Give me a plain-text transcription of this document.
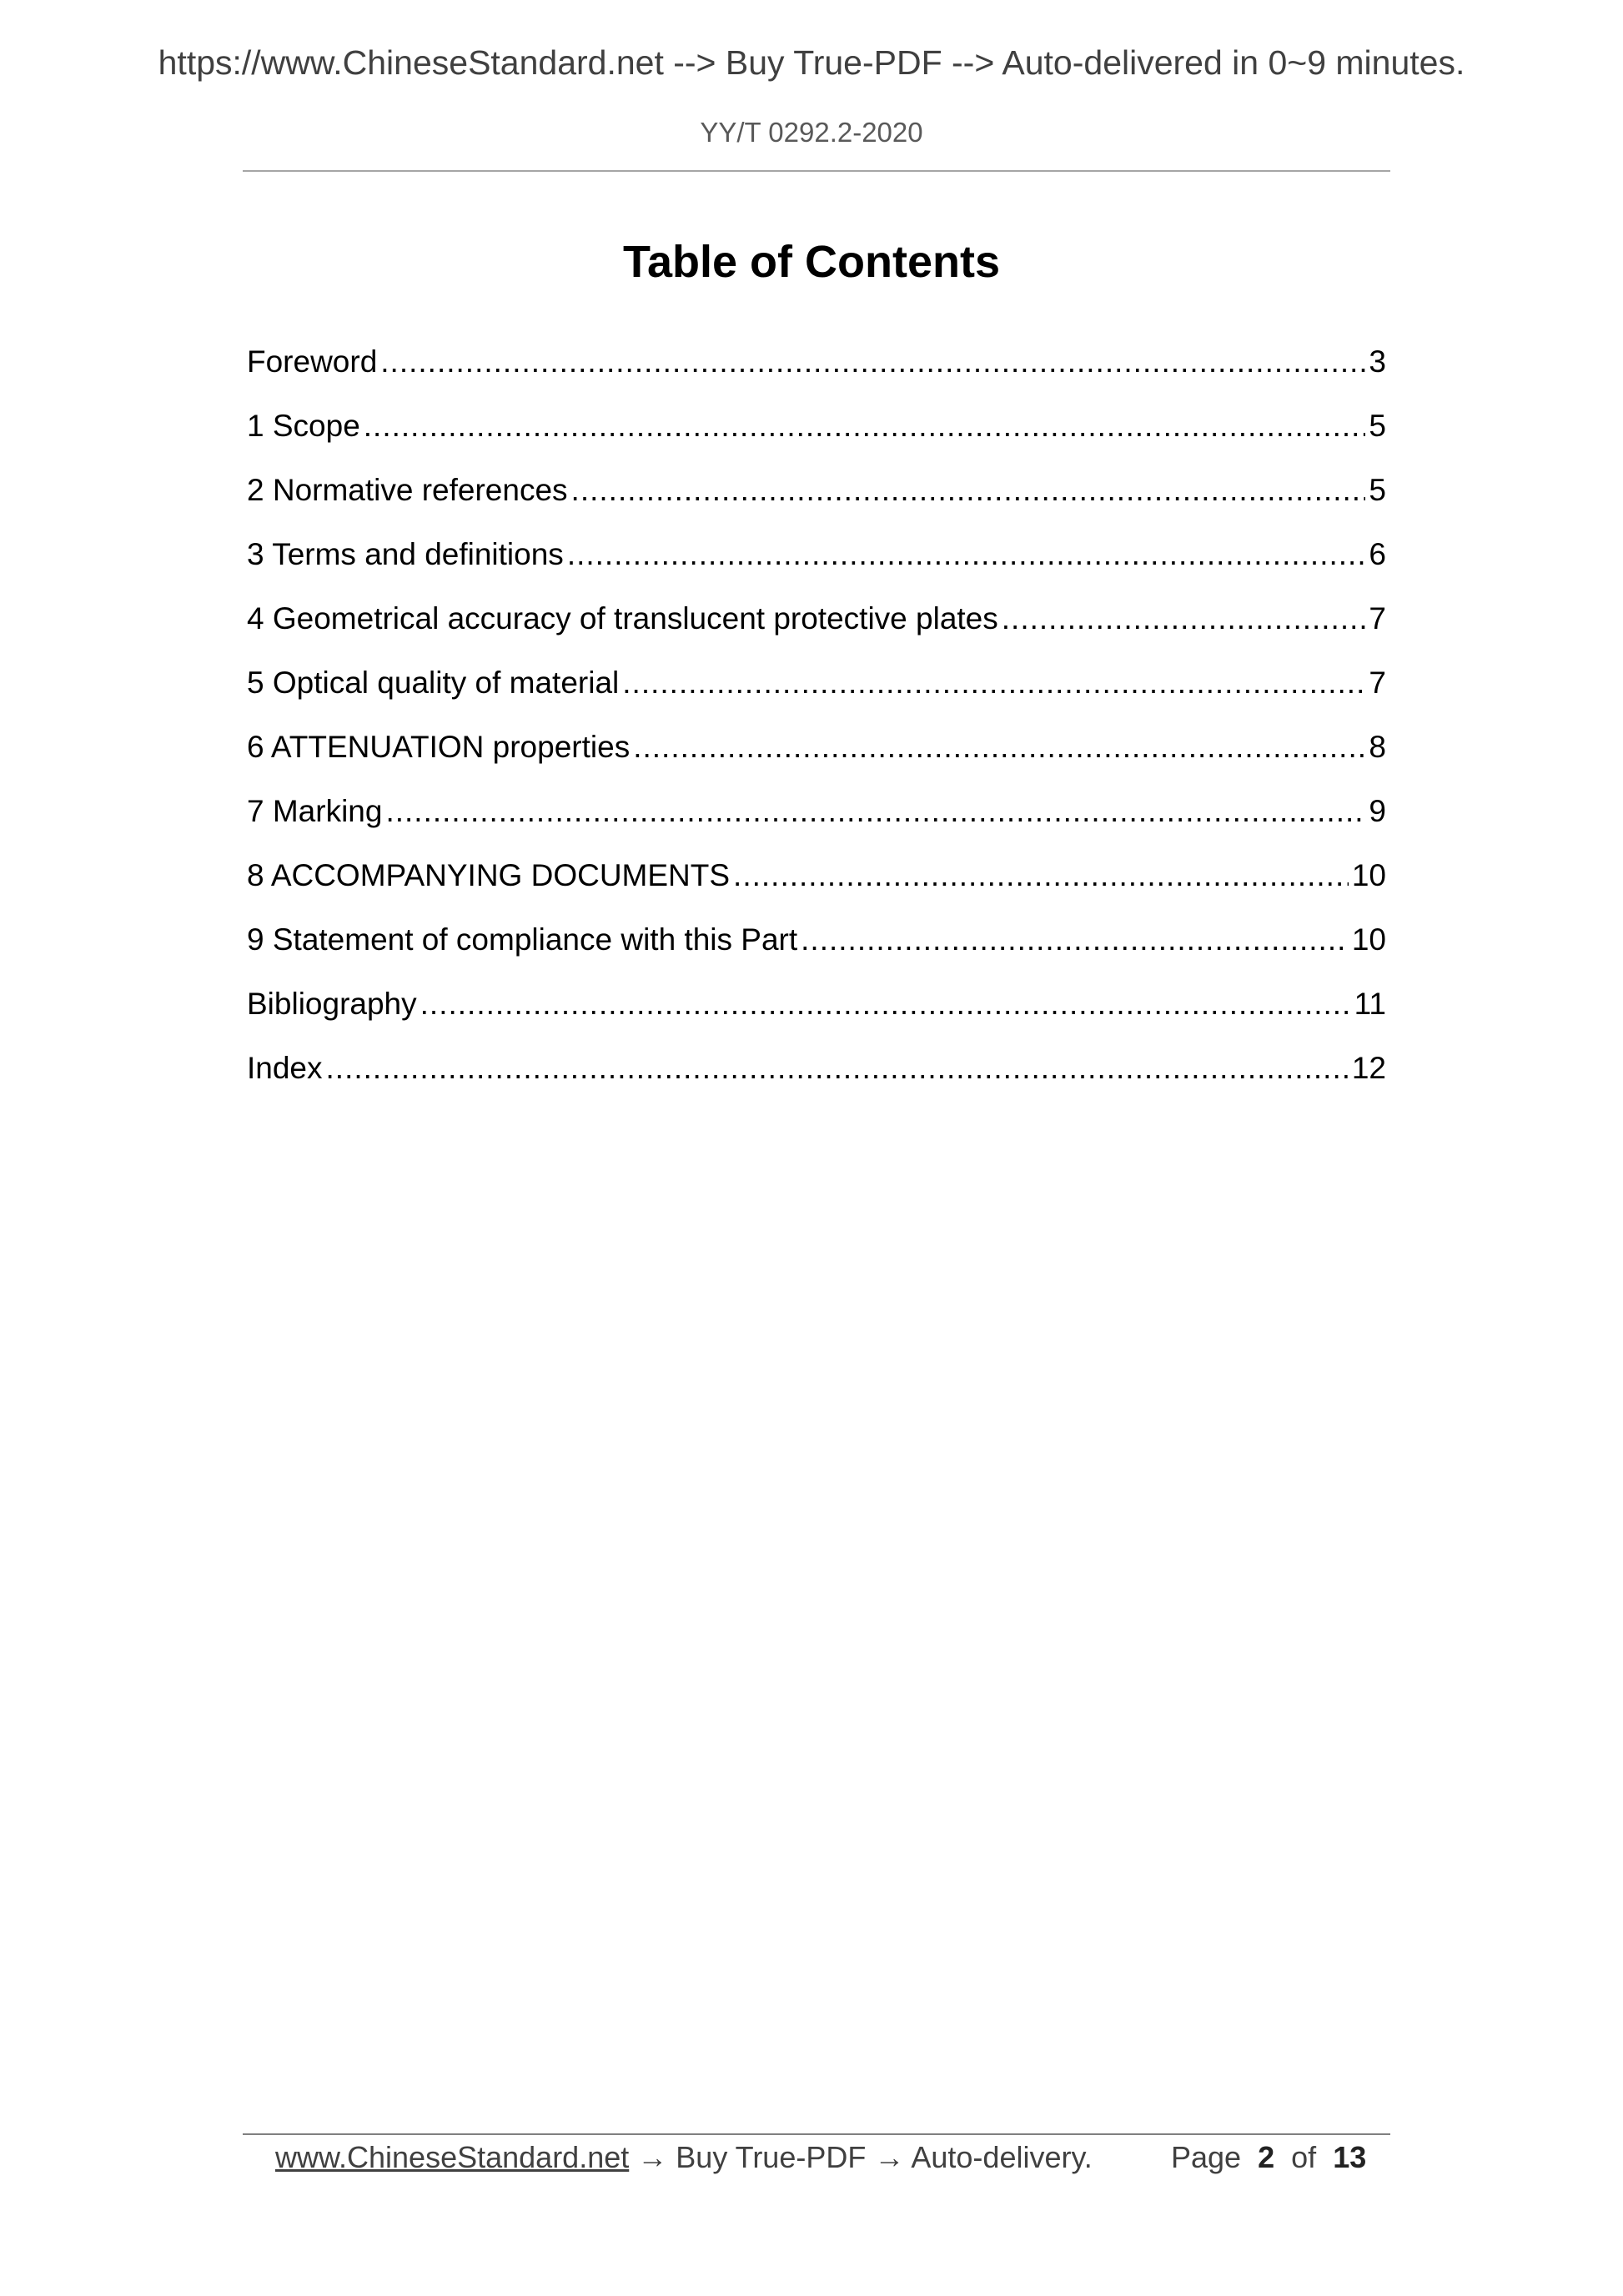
https://www.ChineseStandard.net --> Buy True-PDF --> Auto-delivered in 0~9 minutes.
YY/T 0292.2-2020
Table of Contents
Foreword .....	3
1 Scope .....	5
2 Normative references .....	5
3 Terms and definitions .....	6
4 Geometrical accuracy of translucent protective plates .....	7
5 Optical quality of material .....	7
6 ATTENUATION properties .....	8
7 Marking .....	9
8 ACCOMPANYING DOCUMENTS .....	10
9 Statement of compliance with this Part .....	10
Bibliography .....	11
Index .....	12
www.ChineseStandard.net → Buy True-PDF → Auto-delivery.	Page 2 of 13
